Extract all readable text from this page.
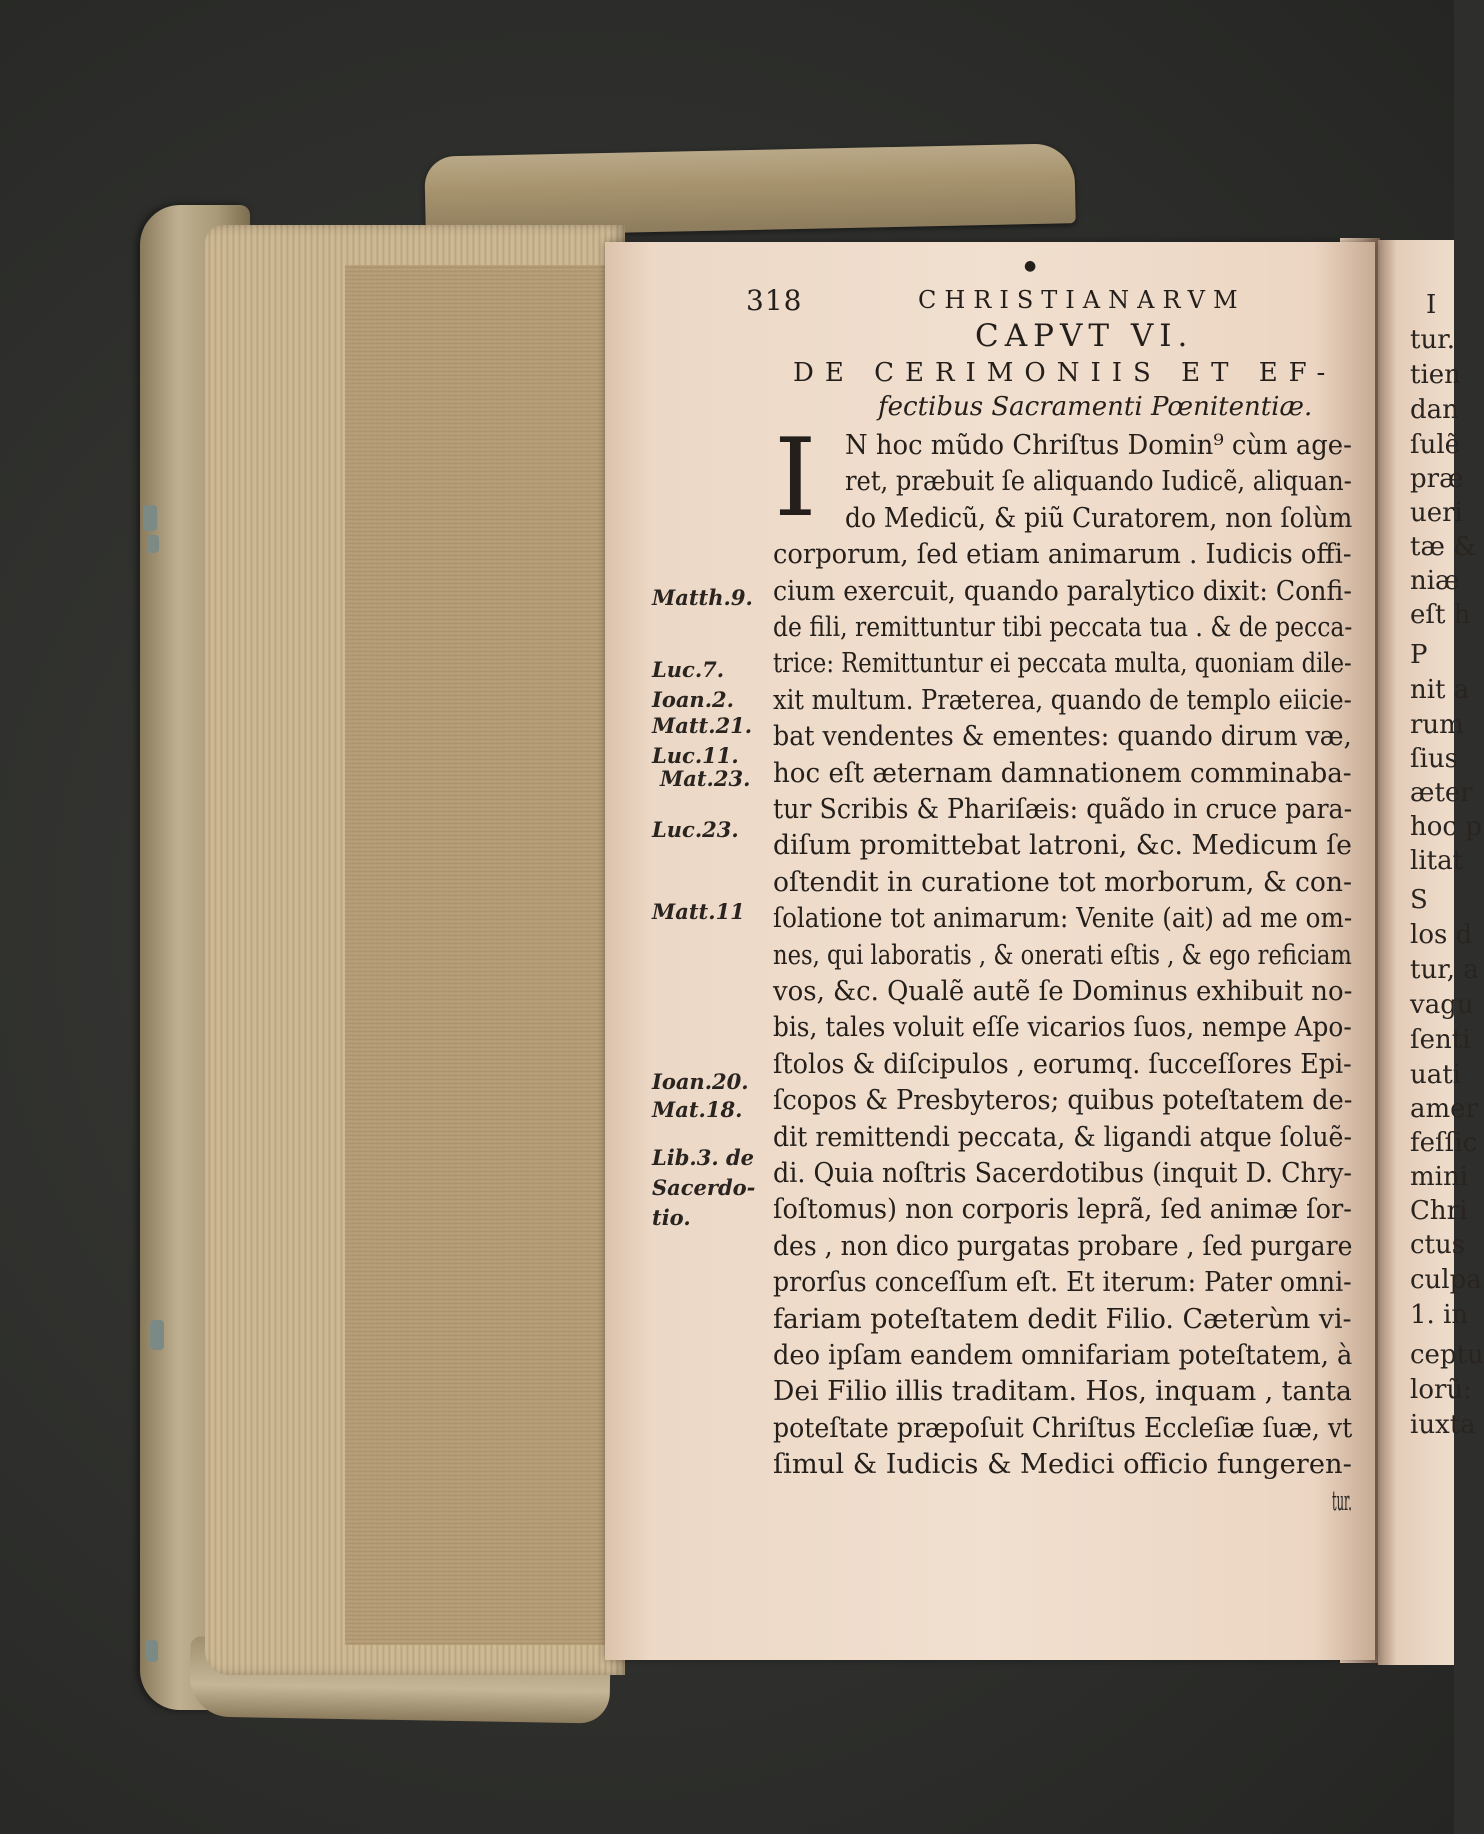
I
tur.
tien
dan
ſulẽ
præ
ueri
tæ &
niæ
eſt h
P
nit a
rum
ſius
æter
hoc p
litat
S
los d
tur, a
vagu
ſenti
uati
amer
feſſic
mini
Chri
ctus
culpa
1. in
ceptu
lorũ:
iuxta
●
318	CHRISTIANARVM
CAPVT VI.
DE CERIMONIIS ET EF-
fectibus Sacramenti Pœnitentiæ.
I N hoc mũdo Chriſtus Domin⁹ cùm age-
ret, præbuit ſe aliquando Iudicẽ, aliquan-
do Medicũ, & piũ Curatorem, non ſolùm
corporum, ſed etiam animarum . Iudicis offi-
cium exercuit, quando paralytico dixit: Confi-
de fili, remittuntur tibi peccata tua . & de pecca-
trice: Remittuntur ei peccata multa, quoniam dile-
xit multum. Præterea, quando de templo eiicie-
bat vendentes & ementes: quando dirum væ,
hoc eſt æternam damnationem comminaba-
tur Scribis & Phariſæis: quãdo in cruce para-
diſum promittebat latroni, &c. Medicum ſe
oſtendit in curatione tot morborum, & con-
ſolatione tot animarum: Venite (ait) ad me om-
nes, qui laboratis , & onerati eſtis , & ego reficiam
vos, &c. Qualẽ autẽ ſe Dominus exhibuit no-
bis, tales voluit eſſe vicarios ſuos, nempe Apo-
ſtolos & diſcipulos , eorumq. ſucceſſores Epi-
ſcopos & Presbyteros; quibus poteſtatem de-
dit remittendi peccata, & ligandi atque ſoluẽ-
di. Quia noſtris Sacerdotibus (inquit D. Chry-
ſoſtomus) non corporis leprã, ſed animæ ſor-
des , non dico purgatas probare , ſed purgare
prorſus conceſſum eſt. Et iterum: Pater omni-
fariam poteſtatem dedit Filio. Cæterùm vi-
deo ipſam eandem omnifariam poteſtatem, à
Dei Filio illis traditam. Hos, inquam , tanta
poteſtate præpoſuit Chriſtus Eccleſiæ ſuæ, vt
ſimul & Iudicis & Medici officio fungeren-
tur.
Matth.9.
Luc.7.
Ioan.2.
Matt.21.
Luc.11.
Mat.23.
Luc.23.
Matt.11
Ioan.20.
Mat.18.
Lib.3. de
Sacerdo-
tio.
